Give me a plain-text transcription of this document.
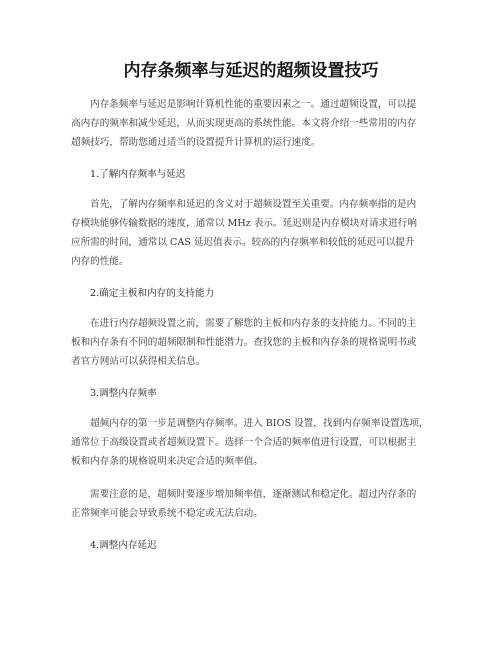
内存条频率与延迟的超频设置技巧

内存条频率与延迟是影响计算机性能的重要因素之一。通过超频设置，可以提
高内存的频率和减少延迟，从而实现更高的系统性能。本文将介绍一些常用的内存
超频技巧，帮助您通过适当的设置提升计算机的运行速度。

1.了解内存频率与延迟

首先，了解内存频率和延迟的含义对于超频设置至关重要。内存频率指的是内
存模块能够传输数据的速度，通常以 MHz 表示。延迟则是内存模块对请求进行响
应所需的时间，通常以 CAS 延迟值表示。较高的内存频率和较低的延迟可以提升
内存的性能。

2.确定主板和内存的支持能力

在进行内存超频设置之前，需要了解您的主板和内存条的支持能力。不同的主
板和内存条有不同的超频限制和性能潜力。查找您的主板和内存条的规格说明书或
者官方网站可以获得相关信息。

3.调整内存频率

超频内存的第一步是调整内存频率。进入 BIOS 设置，找到内存频率设置选项，
通常位于高级设置或者超频设置下。选择一个合适的频率值进行设置，可以根据主
板和内存条的规格说明来决定合适的频率值。

需要注意的是，超频时要逐步增加频率值，逐渐测试和稳定化。超过内存条的
正常频率可能会导致系统不稳定或无法启动。

4.调整内存延迟
